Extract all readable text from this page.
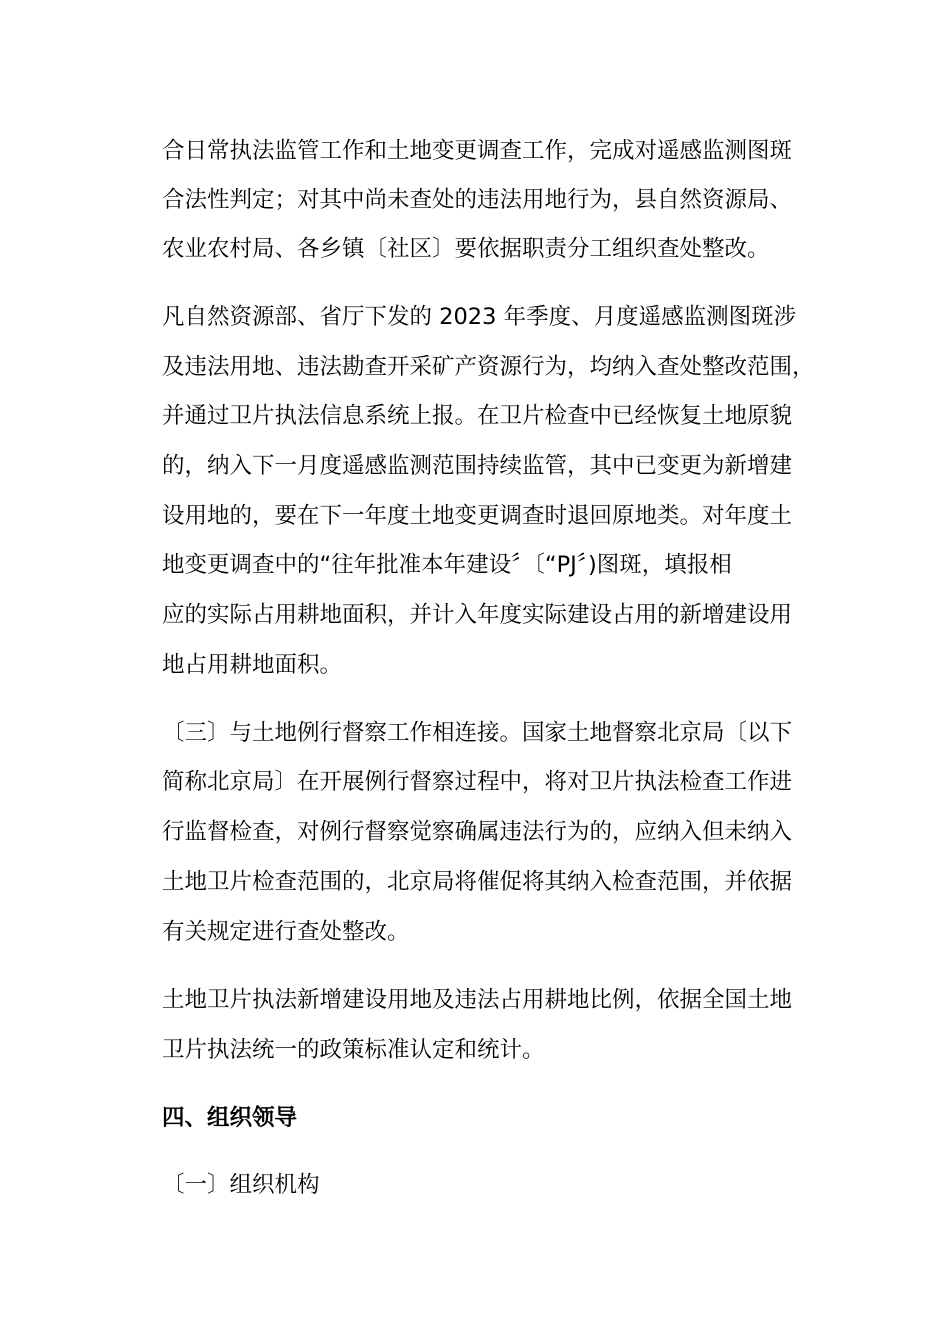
合日常执法监管工作和土地变更调查工作，完成对遥感监测图斑
合法性判定；对其中尚未查处的违法用地行为，县自然资源局、
农业农村局、各乡镇〔社区〕要依据职责分工组织查处整改。
凡自然资源部、省厅下发的 2023 年季度、月度遥感监测图斑涉
及违法用地、违法勘查开采矿产资源行为，均纳入查处整改范围，
并通过卫片执法信息系统上报。在卫片检查中已经恢复土地原貌
的，纳入下一月度遥感监测范围持续监管，其中已变更为新增建
设用地的，要在下一年度土地变更调查时退回原地类。对年度土
地变更调查中的“往年批准本年建设〞〔“PJ〞)图斑，填报相
应的实际占用耕地面积，并计入年度实际建设占用的新增建设用
地占用耕地面积。
〔三〕与土地例行督察工作相连接。国家土地督察北京局〔以下
简称北京局〕在开展例行督察过程中，将对卫片执法检查工作进
行监督检查，对例行督察觉察确属违法行为的，应纳入但未纳入
土地卫片检查范围的，北京局将催促将其纳入检查范围，并依据
有关规定进行查处整改。
土地卫片执法新增建设用地及违法占用耕地比例，依据全国土地
卫片执法统一的政策标准认定和统计。
四、组织领导
〔一〕组织机构
